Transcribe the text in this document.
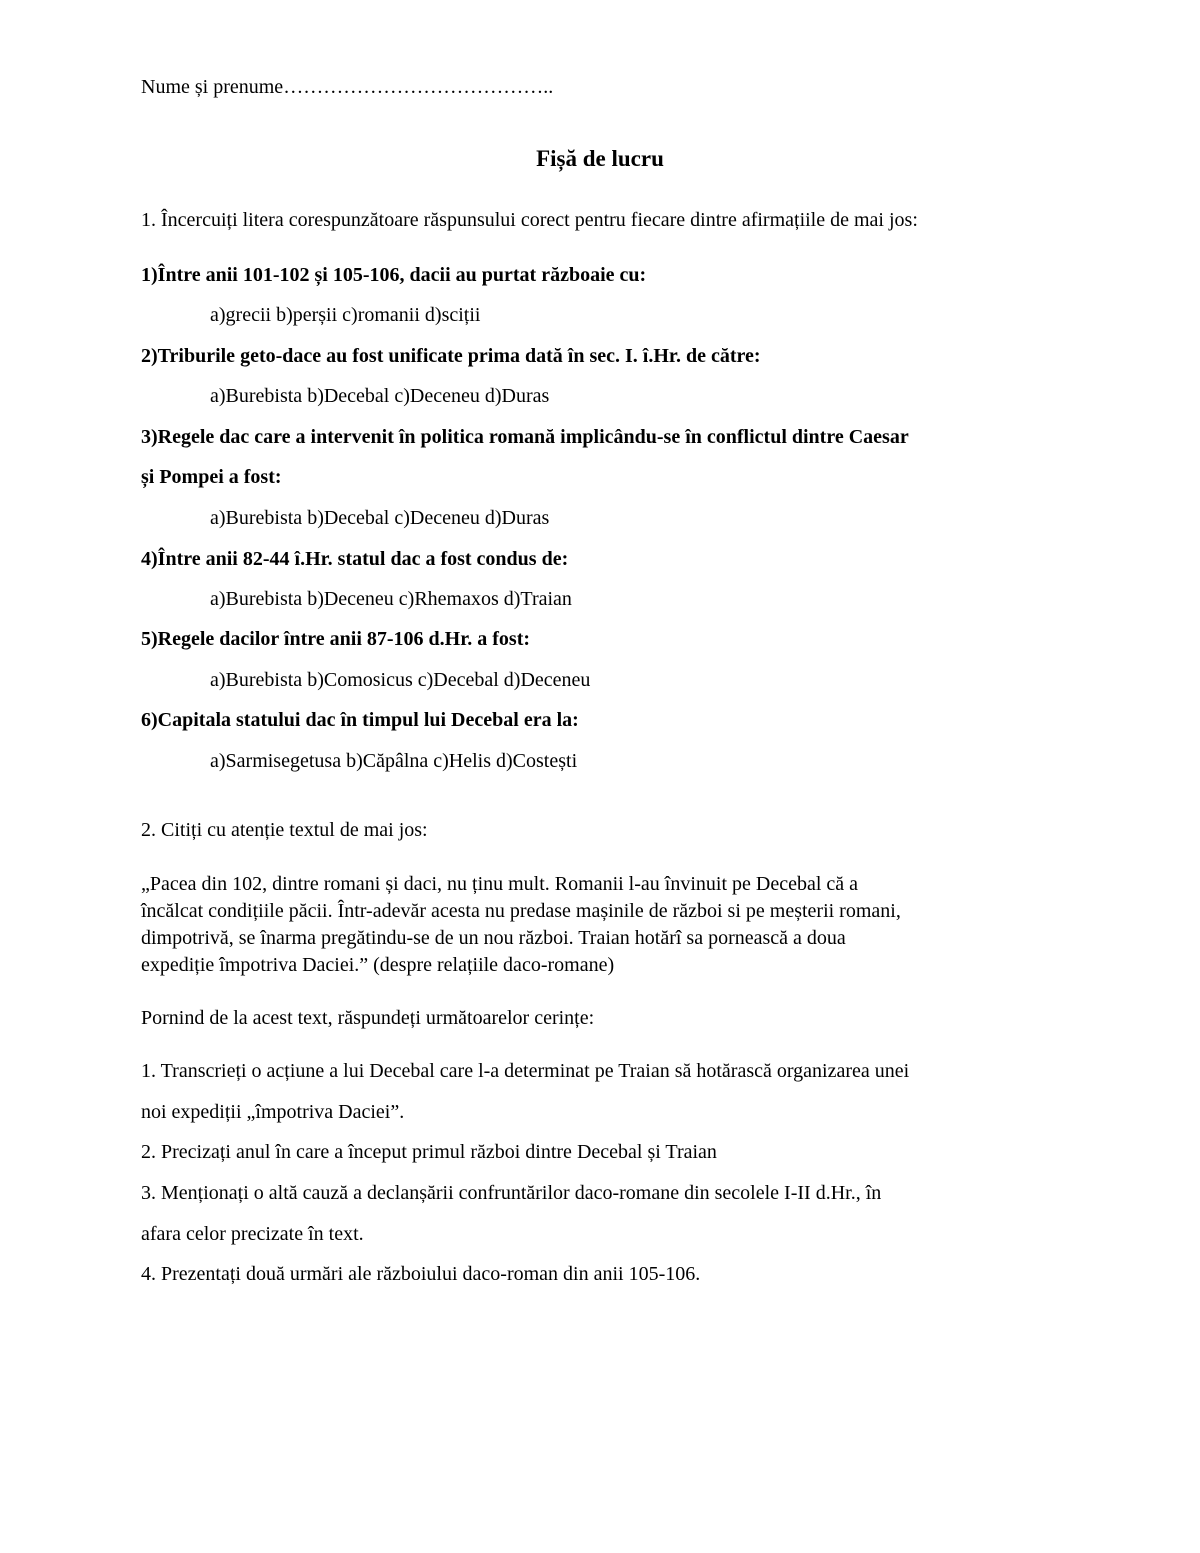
Nume și prenume…………………………………..
Fișă de lucru
1. Încercuiți litera corespunzătoare răspunsului corect pentru fiecare dintre afirmațiile de mai jos:
1)Între anii 101-102 și 105-106, dacii au purtat războaie cu:
a)grecii b)perșii c)romanii d)sciții
2)Triburile geto-dace au fost unificate prima dată în sec. I. î.Hr. de către:
a)Burebista b)Decebal c)Deceneu d)Duras
3)Regele dac care a intervenit în politica romană implicându-se în conflictul dintre Caesar
și Pompei a fost:
a)Burebista b)Decebal c)Deceneu d)Duras
4)Între anii 82-44 î.Hr. statul dac a fost condus de:
a)Burebista b)Deceneu c)Rhemaxos d)Traian
5)Regele dacilor între anii 87-106 d.Hr. a fost:
a)Burebista b)Comosicus c)Decebal d)Deceneu
6)Capitala statului dac în timpul lui Decebal era la:
a)Sarmisegetusa b)Căpâlna c)Helis d)Costești
2. Citiți cu atenție textul de mai jos:
„Pacea din 102, dintre romani și daci, nu ținu mult. Romanii l-au învinuit pe Decebal că a
încălcat condițiile păcii. Într-adevăr acesta nu predase mașinile de război si pe meșterii romani,
dimpotrivă, se înarma pregătindu-se de un nou război. Traian hotărî sa pornească a doua
expediție împotriva Daciei.” (despre relațiile daco-romane)
Pornind de la acest text, răspundeți următoarelor cerințe:
1. Transcrieți o acțiune a lui Decebal care l-a determinat pe Traian să hotărască organizarea unei
noi expediții „împotriva Daciei”.
2. Precizați anul în care a început primul război dintre Decebal și Traian
3. Menționați o altă cauză a declanșării confruntărilor daco-romane din secolele I-II d.Hr., în
afara celor precizate în text.
4. Prezentați două urmări ale războiului daco-roman din anii 105-106.
